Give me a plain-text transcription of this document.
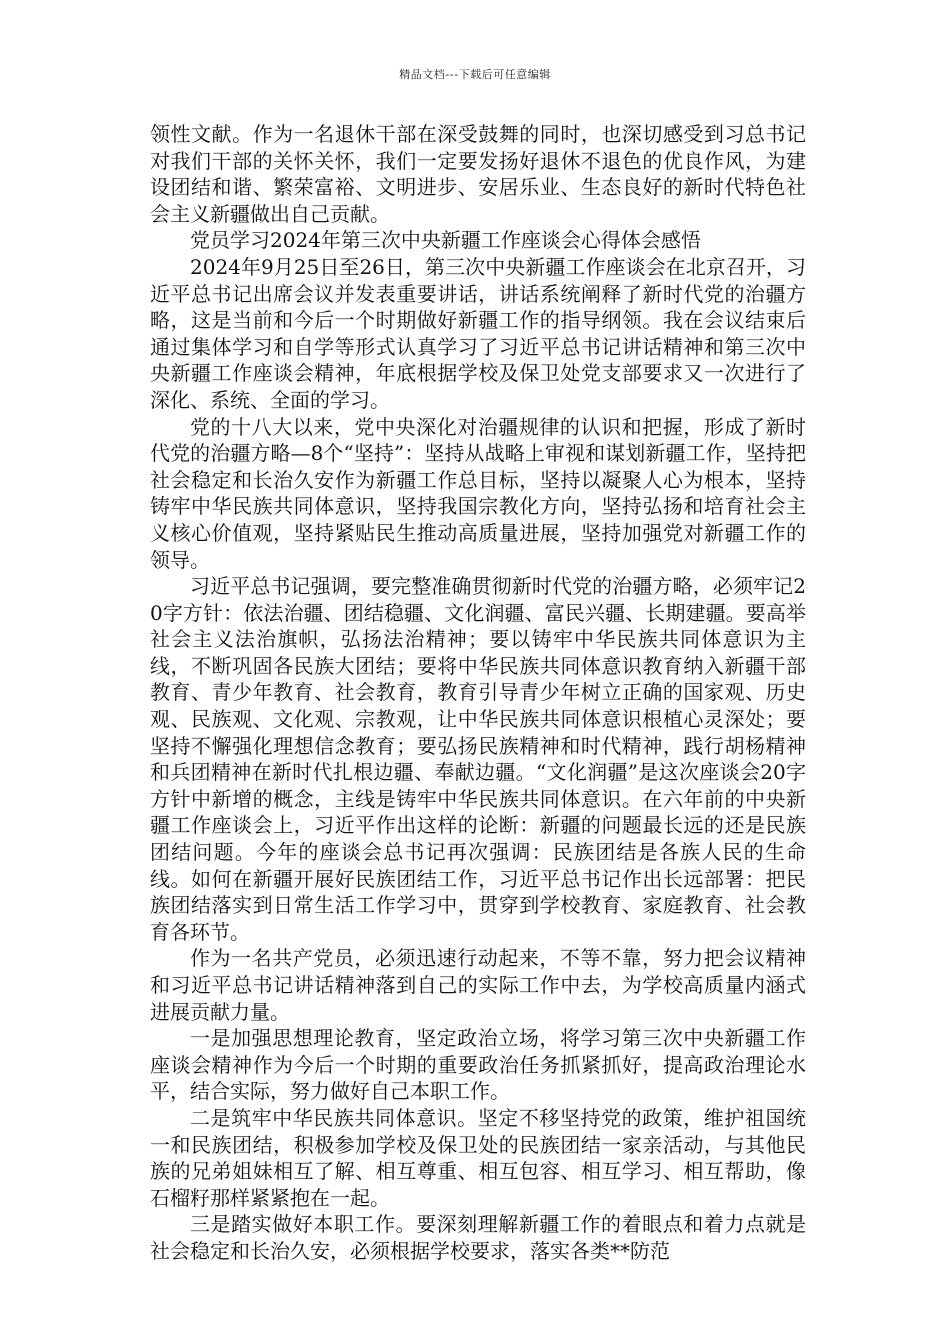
精品文档---下载后可任意编辑

领性文献。作为一名退休干部在深受鼓舞的同时，也深切感受到习总书记对我们干部的关怀关怀，我们一定要发扬好退休不退色的优良作风，为建设团结和谐、繁荣富裕、文明进步、安居乐业、生态良好的新时代特色社会主义新疆做出自己贡献。

党员学习2024年第三次中央新疆工作座谈会心得体会感悟

2024年9月25日至26日，第三次中央新疆工作座谈会在北京召开，习近平总书记出席会议并发表重要讲话，讲话系统阐释了新时代党的治疆方略，这是当前和今后一个时期做好新疆工作的指导纲领。我在会议结束后通过集体学习和自学等形式认真学习了习近平总书记讲话精神和第三次中央新疆工作座谈会精神，年底根据学校及保卫处党支部要求又一次进行了深化、系统、全面的学习。

党的十八大以来，党中央深化对治疆规律的认识和把握，形成了新时代党的治疆方略—8个“坚持”：坚持从战略上审视和谋划新疆工作，坚持把社会稳定和长治久安作为新疆工作总目标，坚持以凝聚人心为根本，坚持铸牢中华民族共同体意识，坚持我国宗教化方向，坚持弘扬和培育社会主义核心价值观，坚持紧贴民生推动高质量进展，坚持加强党对新疆工作的领导。

习近平总书记强调，要完整准确贯彻新时代党的治疆方略，必须牢记20字方针：依法治疆、团结稳疆、文化润疆、富民兴疆、长期建疆。要高举社会主义法治旗帜，弘扬法治精神；要以铸牢中华民族共同体意识为主线，不断巩固各民族大团结；要将中华民族共同体意识教育纳入新疆干部教育、青少年教育、社会教育，教育引导青少年树立正确的国家观、历史观、民族观、文化观、宗教观，让中华民族共同体意识根植心灵深处；要坚持不懈强化理想信念教育；要弘扬民族精神和时代精神，践行胡杨精神和兵团精神在新时代扎根边疆、奉献边疆。“文化润疆”是这次座谈会20字方针中新增的概念，主线是铸牢中华民族共同体意识。在六年前的中央新疆工作座谈会上，习近平作出这样的论断：新疆的问题最长远的还是民族团结问题。今年的座谈会总书记再次强调：民族团结是各族人民的生命线。如何在新疆开展好民族团结工作，习近平总书记作出长远部署：把民族团结落实到日常生活工作学习中，贯穿到学校教育、家庭教育、社会教育各环节。

作为一名共产党员，必须迅速行动起来，不等不靠，努力把会议精神和习近平总书记讲话精神落到自己的实际工作中去，为学校高质量内涵式进展贡献力量。

一是加强思想理论教育，坚定政治立场，将学习第三次中央新疆工作座谈会精神作为今后一个时期的重要政治任务抓紧抓好，提高政治理论水平，结合实际，努力做好自己本职工作。

二是筑牢中华民族共同体意识。坚定不移坚持党的政策，维护祖国统一和民族团结，积极参加学校及保卫处的民族团结一家亲活动，与其他民族的兄弟姐妹相互了解、相互尊重、相互包容、相互学习、相互帮助，像石榴籽那样紧紧抱在一起。

三是踏实做好本职工作。要深刻理解新疆工作的着眼点和着力点就是社会稳定和长治久安，必须根据学校要求，落实各类**防范
